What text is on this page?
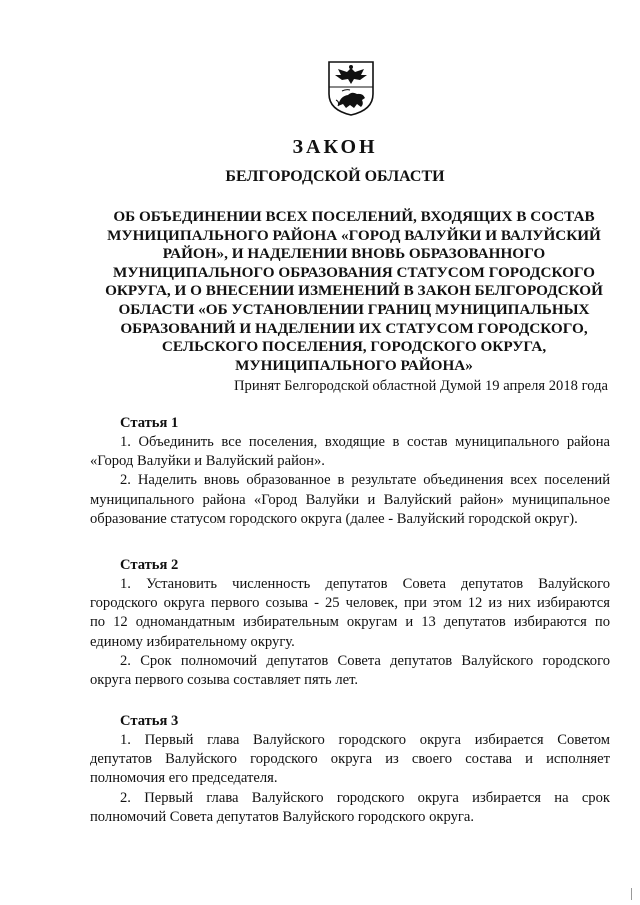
ЗАКОН
БЕЛГОРОДСКОЙ ОБЛАСТИ
ОБ ОБЪЕДИНЕНИИ ВСЕХ ПОСЕЛЕНИЙ, ВХОДЯЩИХ В СОСТАВ
МУНИЦИПАЛЬНОГО РАЙОНА «ГОРОД ВАЛУЙКИ И ВАЛУЙСКИЙ
РАЙОН», И НАДЕЛЕНИИ ВНОВЬ ОБРАЗОВАННОГО
МУНИЦИПАЛЬНОГО ОБРАЗОВАНИЯ СТАТУСОМ ГОРОДСКОГО
ОКРУГА, И О ВНЕСЕНИИ ИЗМЕНЕНИЙ В ЗАКОН БЕЛГОРОДСКОЙ
ОБЛАСТИ «ОБ УСТАНОВЛЕНИИ ГРАНИЦ МУНИЦИПАЛЬНЫХ
ОБРАЗОВАНИЙ И НАДЕЛЕНИИ ИХ СТАТУСОМ ГОРОДСКОГО,
СЕЛЬСКОГО ПОСЕЛЕНИЯ, ГОРОДСКОГО ОКРУГА,
МУНИЦИПАЛЬНОГО РАЙОНА»
Принят Белгородской областной Думой 19 апреля 2018 года
Статья 1
1. Объединить все поселения, входящие в состав муниципального района
«Город Валуйки и Валуйский район».
2. Наделить вновь образованное в результате объединения всех поселений
муниципального района «Город Валуйки и Валуйский район» муниципальное
образование статусом городского округа (далее - Валуйский городской округ).
Статья 2
1. Установить численность депутатов Совета депутатов Валуйского
городского округа первого созыва - 25 человек, при этом 12 из них избираются
по 12 одномандатным избирательным округам и 13 депутатов избираются по
единому избирательному округу.
2. Срок полномочий депутатов Совета депутатов Валуйского городского
округа первого созыва составляет пять лет.
Статья 3
1. Первый глава Валуйского городского округа избирается Советом
депутатов Валуйского городского округа из своего состава и исполняет
полномочия его председателя.
2. Первый глава Валуйского городского округа избирается на срок
полномочий Совета депутатов Валуйского городского округа.
